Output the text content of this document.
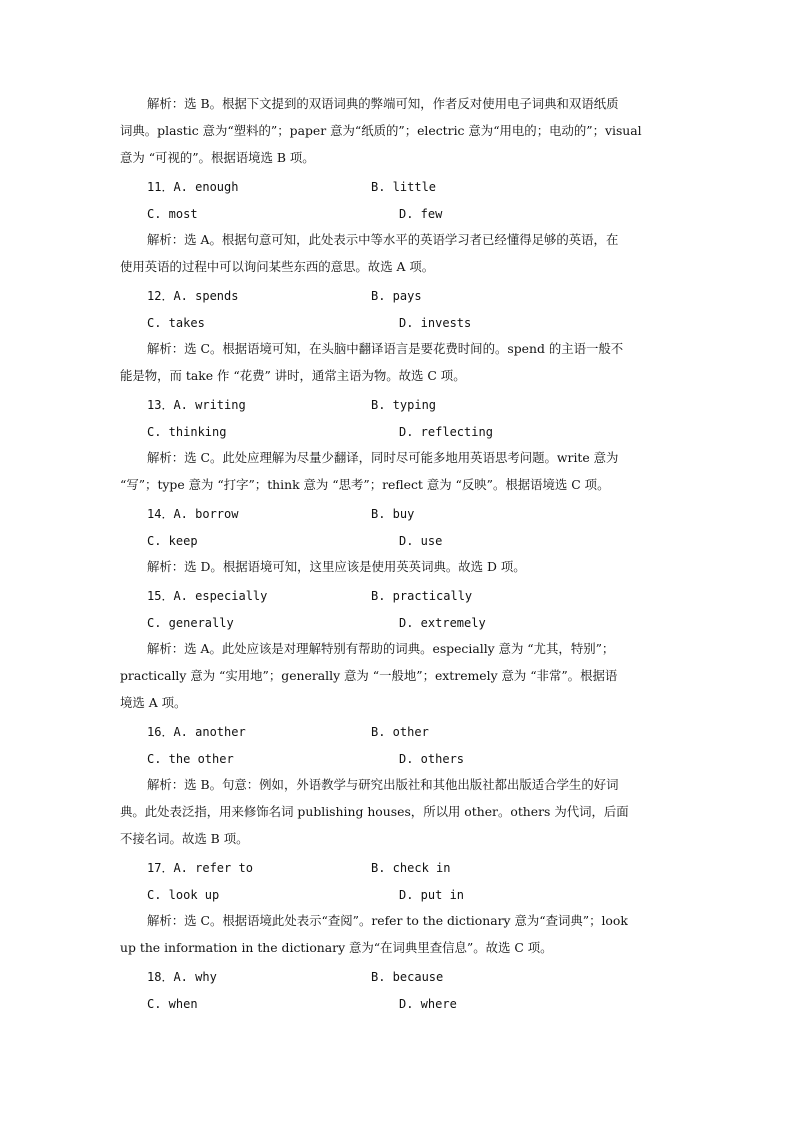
解析：选 B。根据下文提到的双语词典的弊端可知，作者反对使用电子词典和双语纸质
词典。plastic 意为“塑料的”；paper 意为“纸质的”；electric 意为“用电的；电动的”；visual
意为 “可视的”。根据语境选 B 项。
11．A. enough	B. little
C. most	D. few
解析：选 A。根据句意可知，此处表示中等水平的英语学习者已经懂得足够的英语，在
使用英语的过程中可以询问某些东西的意思。故选 A 项。
12．A. spends	B. pays
C. takes	D. invests
解析：选 C。根据语境可知，在头脑中翻译语言是要花费时间的。spend 的主语一般不
能是物，而 take 作 “花费” 讲时，通常主语为物。故选 C 项。
13．A. writing	B. typing
C. thinking	D. reflecting
解析：选 C。此处应理解为尽量少翻译，同时尽可能多地用英语思考问题。write 意为
“写”；type 意为 “打字”；think 意为 “思考”；reflect 意为 “反映”。根据语境选 C 项。
14．A. borrow	B. buy
C. keep	D. use
解析：选 D。根据语境可知，这里应该是使用英英词典。故选 D 项。
15．A. especially	B. practically
C. generally	D. extremely
解析：选 A。此处应该是对理解特别有帮助的词典。especially 意为 “尤其，特别”；
practically 意为 “实用地”；generally 意为 “一般地”；extremely 意为 “非常”。根据语
境选 A 项。
16．A. another	B. other
C. the other	D. others
解析：选 B。句意：例如，外语教学与研究出版社和其他出版社都出版适合学生的好词
典。此处表泛指，用来修饰名词 publishing houses，所以用 other。others 为代词，后面
不接名词。故选 B 项。
17．A. refer to	B. check in
C. look up	D. put in
解析：选 C。根据语境此处表示“查阅”。refer to the dictionary 意为“查词典”；look
up the information in the dictionary 意为“在词典里查信息”。故选 C 项。
18．A. why	B. because
C. when	D. where
